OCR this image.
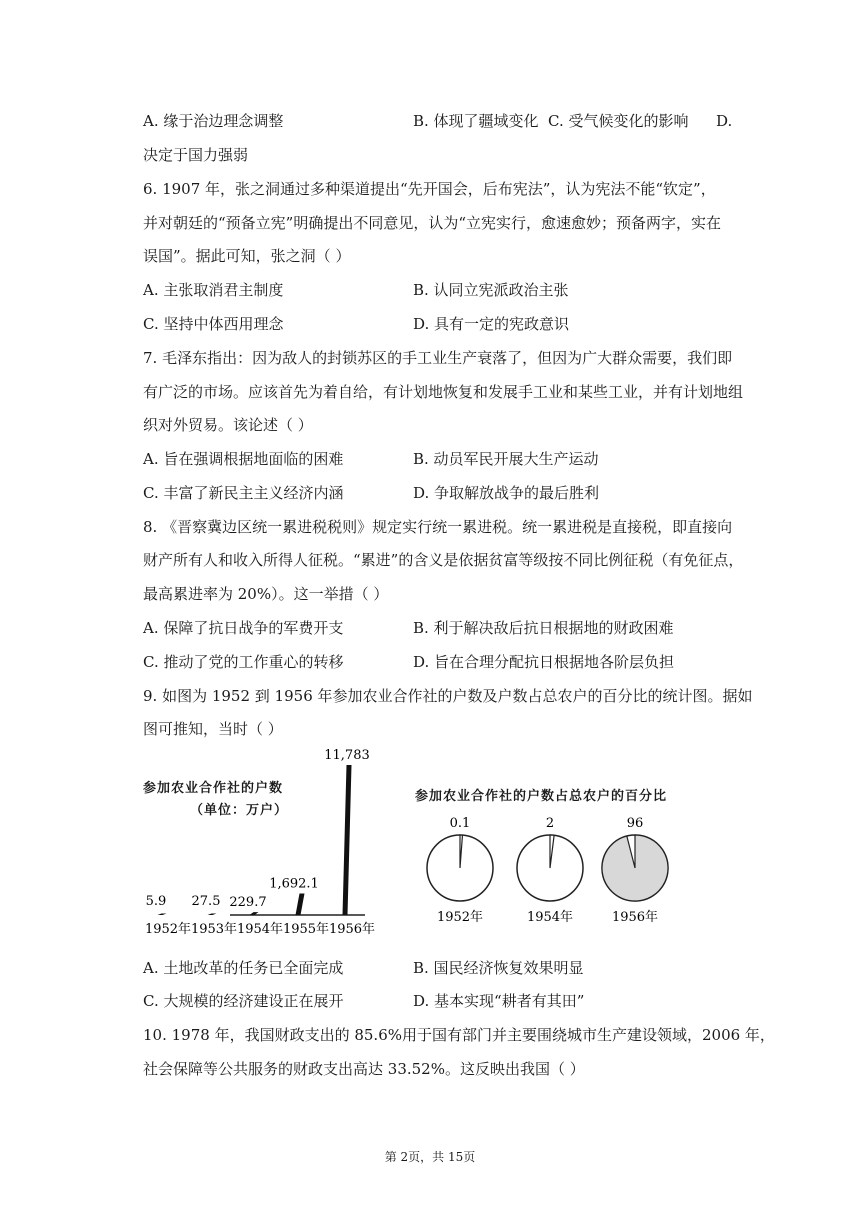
A. 缘于治边理念调整	B. 体现了疆域变化 C. 受气候变化的影响 D.
决定于国力强弱
6. 1907 年，张之洞通过多种渠道提出“先开国会，后布宪法”，认为宪法不能“钦定”，
并对朝廷的“预备立宪”明确提出不同意见，认为“立宪实行，愈速愈妙；预备两字，实在
误国”。据此可知，张之洞（ ）
A. 主张取消君主制度	B. 认同立宪派政治主张
C. 坚持中体西用理念	D. 具有一定的宪政意识
7. 毛泽东指出：因为敌人的封锁苏区的手工业生产衰落了，但因为广大群众需要，我们即
有广泛的市场。应该首先为着自给，有计划地恢复和发展手工业和某些工业，并有计划地组
织对外贸易。该论述（ ）
A. 旨在强调根据地面临的困难	B. 动员军民开展大生产运动
C. 丰富了新民主主义经济内涵	D. 争取解放战争的最后胜利
8. 《晋察冀边区统一累进税税则》规定实行统一累进税。统一累进税是直接税，即直接向
财产所有人和收入所得人征税。“累进”的含义是依据贫富等级按不同比例征税（有免征点，
最高累进率为 20%）。这一举措（ ）
A. 保障了抗日战争的军费开支	B. 利于解决敌后抗日根据地的财政困难
C. 推动了党的工作重心的转移	D. 旨在合理分配抗日根据地各阶层负担
9. 如图为 1952 到 1956 年参加农业合作社的户数及户数占总农户的百分比的统计图。据如
图可推知，当时（ ）
参加农业合作社的户数
（单位：万户）
5.9
1952年
27.5
1953年
229.7
1954年
1,692.1
1955年
11,783
1956年
参加农业合作社的户数占总农户的百分比
0.1
1952年
2
1954年
96
1956年
A. 土地改革的任务已全面完成	B. 国民经济恢复效果明显
C. 大规模的经济建设正在展开	D. 基本实现“耕者有其田”
10. 1978 年，我国财政支出的 85.6%用于国有部门并主要围绕城市生产建设领域，2006 年，
社会保障等公共服务的财政支出高达 33.52%。这反映出我国（ ）
第 2页，共 15页
